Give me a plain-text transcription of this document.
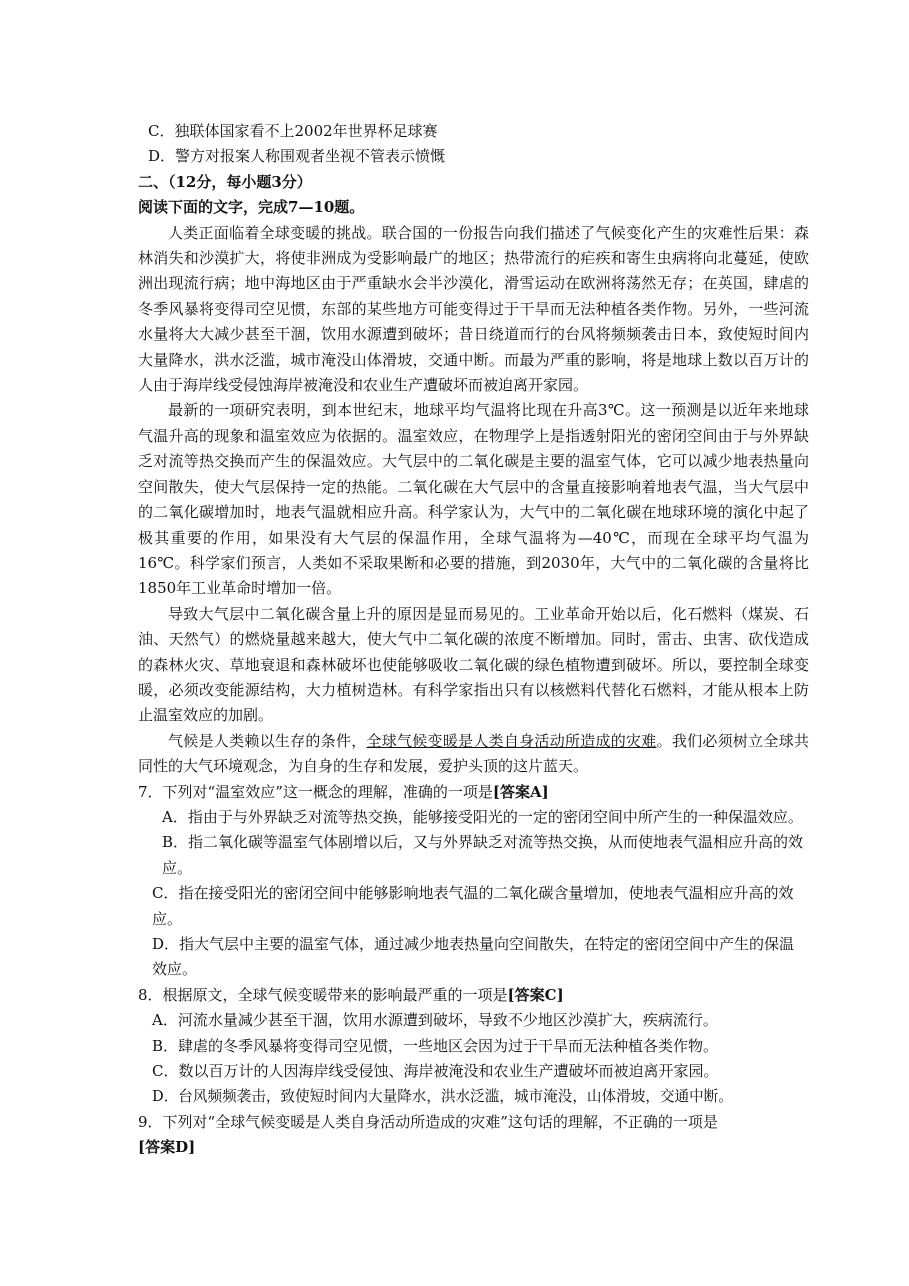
C．独联体国家看不上2002年世界杯足球赛
D．警方对报案人称围观者坐视不管表示愤慨
二、（12分，每小题3分）
阅读下面的文字，完成7—10题。
人类正面临着全球变暖的挑战。联合国的一份报告向我们描述了气候变化产生的灾难性后果：森林消失和沙漠扩大，将使非洲成为受影响最广的地区；热带流行的疟疾和寄生虫病将向北蔓延，使欧洲出现流行病；地中海地区由于严重缺水会半沙漠化，滑雪运动在欧洲将荡然无存；在英国，肆虐的冬季风暴将变得司空见惯，东部的某些地方可能变得过于干旱而无法种植各类作物。另外，一些河流水量将大大减少甚至干涸，饮用水源遭到破坏；昔日绕道而行的台风将频频袭击日本，致使短时间内大量降水，洪水泛滥，城市淹没山体滑坡，交通中断。而最为严重的影响，将是地球上数以百万计的人由于海岸线受侵蚀海岸被淹没和农业生产遭破坏而被迫离开家园。
最新的一项研究表明，到本世纪末，地球平均气温将比现在升高3℃。这一预测是以近年来地球气温升高的现象和温室效应为依据的。温室效应，在物理学上是指透射阳光的密闭空间由于与外界缺乏对流等热交换而产生的保温效应。大气层中的二氧化碳是主要的温室气体，它可以减少地表热量向空间散失，使大气层保持一定的热能。二氧化碳在大气层中的含量直接影响着地表气温，当大气层中的二氧化碳增加时，地表气温就相应升高。科学家认为，大气中的二氧化碳在地球环境的演化中起了极其重要的作用，如果没有大气层的保温作用，全球气温将为—40℃，而现在全球平均气温为16℃。科学家们预言，人类如不采取果断和必要的措施，到2030年，大气中的二氧化碳的含量将比1850年工业革命时增加一倍。
导致大气层中二氧化碳含量上升的原因是显而易见的。工业革命开始以后，化石燃料（煤炭、石油、天然气）的燃烧量越来越大，使大气中二氧化碳的浓度不断增加。同时，雷击、虫害、砍伐造成的森林火灾、草地衰退和森林破坏也使能够吸收二氧化碳的绿色植物遭到破坏。所以，要控制全球变暖，必须改变能源结构，大力植树造林。有科学家指出只有以核燃料代替化石燃料，才能从根本上防止温室效应的加剧。
气候是人类赖以生存的条件，全球气候变暖是人类自身活动所造成的灾难。我们必须树立全球共同性的大气环境观念，为自身的生存和发展，爱护头顶的这片蓝天。
7．下列对“温室效应”这一概念的理解，准确的一项是[答案A]
A．指由于与外界缺乏对流等热交换，能够接受阳光的一定的密闭空间中所产生的一种保温效应。
B．指二氧化碳等温室气体剧增以后，又与外界缺乏对流等热交换，从而使地表气温相应升高的效应。
C．指在接受阳光的密闭空间中能够影响地表气温的二氧化碳含量增加，使地表气温相应升高的效应。
D．指大气层中主要的温室气体，通过减少地表热量向空间散失，在特定的密闭空间中产生的保温效应。
8．根据原文，全球气候变暖带来的影响最严重的一项是[答案C]
A．河流水量减少甚至干涸，饮用水源遭到破坏，导致不少地区沙漠扩大，疾病流行。
B．肆虐的冬季风暴将变得司空见惯，一些地区会因为过于干旱而无法种植各类作物。
C．数以百万计的人因海岸线受侵蚀、海岸被淹没和农业生产遭破坏而被迫离开家园。
D．台风频频袭击，致使短时间内大量降水，洪水泛滥，城市淹没，山体滑坡，交通中断。
9．下列对“全球气候变暖是人类自身活动所造成的灾难”这句话的理解，不正确的一项是
[答案D]
